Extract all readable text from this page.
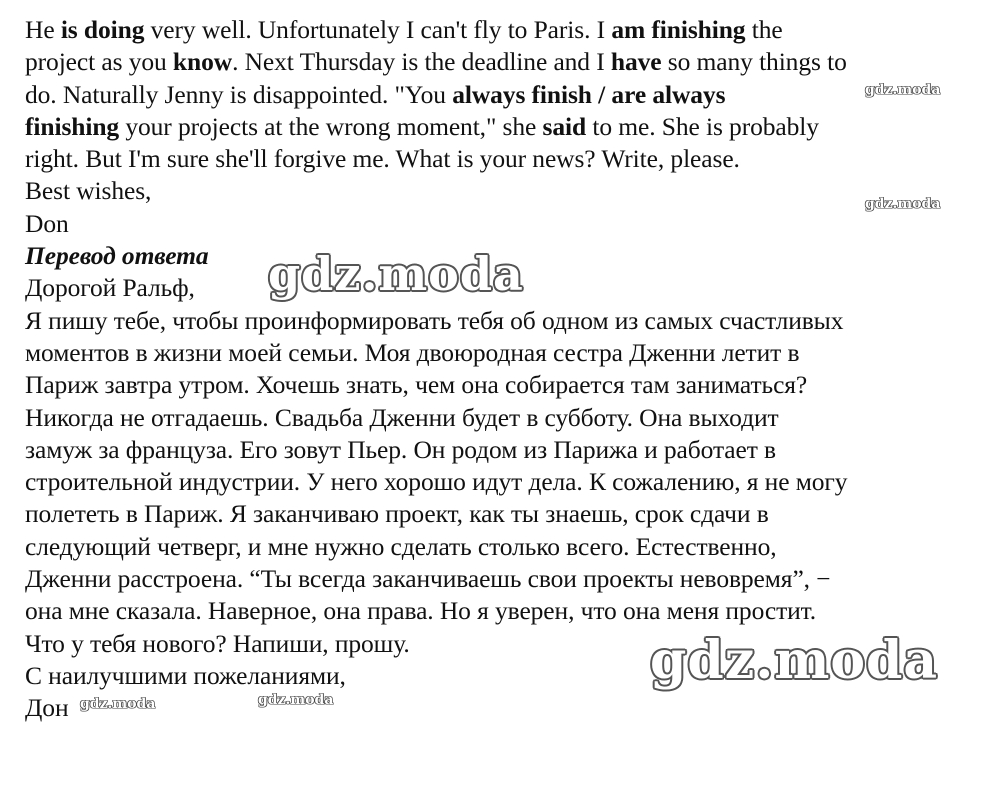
He is doing very well. Unfortunately I can't fly to Paris. I am finishing the
project as you know. Next Thursday is the deadline and I have so many things to
do. Naturally Jenny is disappointed. "You always finish / are always
finishing your projects at the wrong moment," she said to me. She is probably
right. But I'm sure she'll forgive me. What is your news? Write, please.
Best wishes,
Don
Перевод ответа
Дорогой Ральф,
Я пишу тебе, чтобы проинформировать тебя об одном из самых счастливых
моментов в жизни моей семьи. Моя двоюродная сестра Дженни летит в
Париж завтра утром. Хочешь знать, чем она собирается там заниматься?
Никогда не отгадаешь. Свадьба Дженни будет в субботу. Она выходит
замуж за француза. Его зовут Пьер. Он родом из Парижа и работает в
строительной индустрии. У него хорошо идут дела. К сожалению, я не могу
полететь в Париж. Я заканчиваю проект, как ты знаешь, срок сдачи в
следующий четверг, и мне нужно сделать столько всего. Естественно,
Дженни расстроена. “Ты всегда заканчиваешь свои проекты невовремя”, −
она мне сказала. Наверное, она права. Но я уверен, что она меня простит.
Что у тебя нового? Напиши, прошу.
С наилучшими пожеланиями,
Дон
gdz.moda
gdz.moda
gdz.moda
gdz.moda
gdz.moda	gdz.moda
